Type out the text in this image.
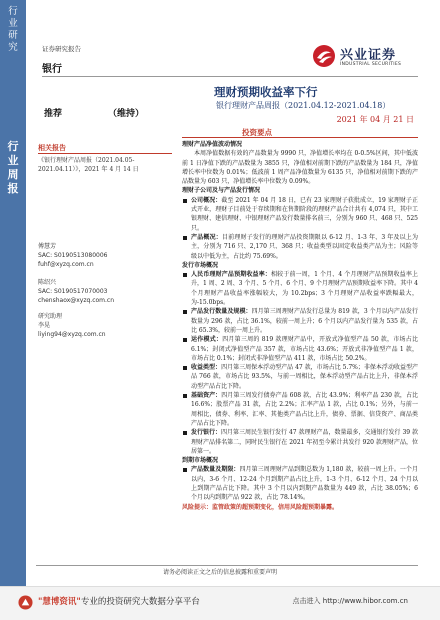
行业研究
行业周报
证券研究报告
银行
兴业证券
INDUSTRIAL SECURITIES
理财预期收益率下行
银行理财产品周报（2021.04.12-2021.04.18）
推荐	（维持）
2021 年 04 月 21 日
相关报告
《银行理财产品周报（2021.04.05-2021.04.11）》，2021 年 4 月 14 日
傅慧芳
SAC: S0190513080006
fuhf@xyzq.com.cn
陈绍兴
SAC: S0190517070003
chenshaox@xyzq.com.cn
研究助理
李晃
liying94@xyzq.com.cn
投资要点
理财产品净值波动情况
本周净值数据有效的产品数量为 9990 只，净值增长率均在 0-0.5%区间，其中低波前 1 日净值下跌的产品数量为 3855 只，净值相对前期下跌的产品数量为 184 只，净值增长率中位数为 0.01%；低波前 1 周产品净值数量为 6135 只，净值相对前期下跌的产品数量为 603 只，净值增长率中位数为 0.09%。
理财子公司及与产品发行情况
公司概况：截至 2021 年 04 月 18 日，已有 23 家理财子获批成立，19 家理财子正式开业，理财子目前处于存续期和在售期阶段的理财产品合计共有 4,074 只，其中工银理财、建信理财、中银理财产品发行数量排名前三，分别为 960 只、468 只、525 只。
产品概况：目前理财子发行的理财产品投资期限以 6-12 月、1-3 年、3 年及以上为主，分别为 716 只、2,170 只、368 只；收益类型以固定收益类产品为主；风险等级以中低为主，占比约 75.69%。
发行市场概况
人民币理财产品预期收益率：相较于前一周，1 个月、4 个月理财产品预期收益率上升，1 周、2 周、3 个月、5 个月、6 个月、9 个月理财产品预期收益率下降。其中 4 个月理财产品收益率涨幅较大，为 10.2bps；3 个月理财产品收益率跌幅最大，为-15.0bps。
产品发行数量及规模：四月第三周理财产品发行总量为 819 款，3 个月以内产品发行数量为 296 款，占比 36.1%，较前一周上升；6 个月以内产品发行量为 535 款，占比 65.3%，较前一周上升。
运作模式：四月第三周的 819 款理财产品中，开放式净值型产品 50 款，市场占比 6.1%；封闭式净值型产品 357 款，市场占比 43.6%；开放式非净值型产品 1 款，市场占比 0.1%；封闭式非净值型产品 411 款，市场占比 50.2%。
收益类型：四月第三周保本浮动型产品 47 款，市场占比 5.7%；非保本浮动收益型产品 766 款，市场占比 93.5%，与前一周相比，保本浮动型产品占比上升，非保本浮动型产品占比下降。
基础资产：四月第三周发行债券产品 608 款，占比 43.9%；利率产品 230 款，占比 16.6%；股票产品 31 款，占比 2.2%；汇率产品 1 款，占比 0.1%；另外，与前一周相比，债券、利率、汇率、其他类产品占比上升，债券、票据、信贷资产、商品类产品占比下降。
发行银行：四月第三周民生银行发行 47 款理财产品，数量最多，交通银行发行 39 款理财产品排名第二，同时民生银行在 2021 年初至今累计共发行 920 款理财产品，位居第一。
到期市场概况
产品数量及期限：四月第三周理财产品到期总数为 1,180 款，较前一周上升。一个月以内，3-6 个月、12-24 个月到期产品占比上升，1-3 个月、6-12 个月、24 个月以上到期产品占比下降。其中 3 个月以内到期产品数量为 449 款，占比 38.05%；6 个月以内到期产品 922 款，占比 78.14%。
风险提示：监管政策的超预期变化，信用风险超预期暴露。
请务必阅读正文之后的信息披露和重要声明
"慧博资讯"专业的投资研究大数据分享平台	点击进入 http://www.hibor.com.cn
